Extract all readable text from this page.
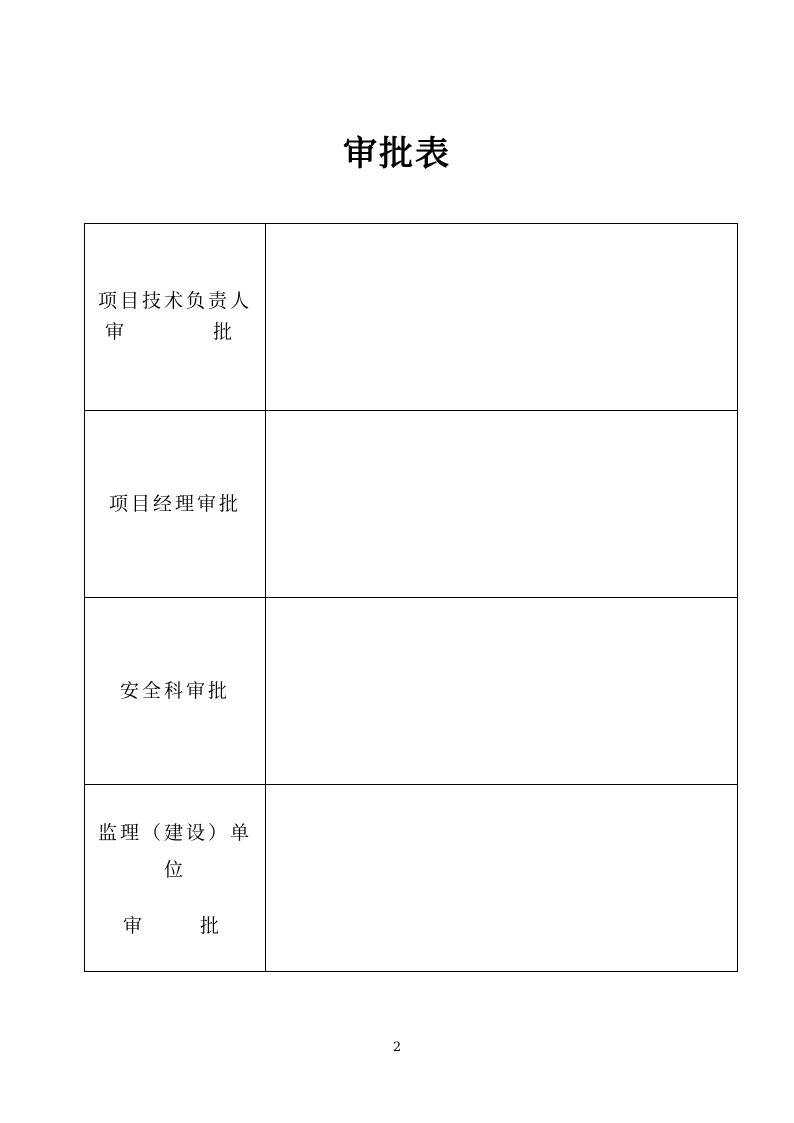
审批表
项目技术负责人
审 批	

项目经理审批	

安全科审批	

监理（建设）单
位
审 批	

2
